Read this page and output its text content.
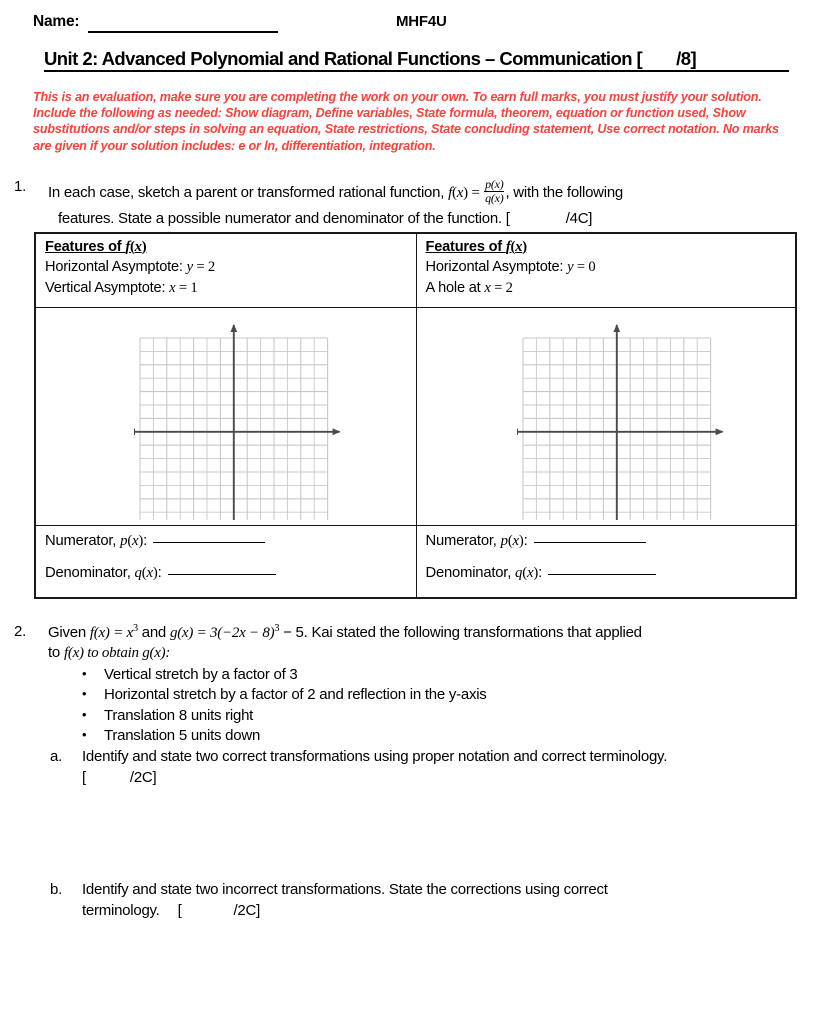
Name:	MHF4U
Unit 2: Advanced Polynomial and Rational Functions – Communication [ /8]
This is an evaluation, make sure you are completing the work on your own. To earn full marks, you must justify your solution. Include the following as needed: Show diagram, Define variables, State formula, theorem, equation or function used, Show substitutions and/or steps in solving an equation, State restrictions, State concluding statement, Use correct notation. No marks are given if your solution includes: e or ln, differentiation, integration.
1. In each case, sketch a parent or transformed rational function, $f(x) = \frac{p(x)}{q(x)}$ , with the following
features. State a possible numerator and denominator of the function. [	/4C]
Features of f(x)
Horizontal Asymptote: y = 2
Vertical Asymptote: x = 1
Features of f(x)
Horizontal Asymptote: y = 0
A hole at x = 2
Numerator, p(x):
Denominator, q(x):
Numerator, p(x):
Denominator, q(x):
2. Given $f(x) = x^3$ and $g(x) = 3(-2x - 8)^3 - 5$. Kai stated the following transformations that applied
to f(x) to obtain g(x):
• Vertical stretch by a factor of 3
• Horizontal stretch by a factor of 2 and reflection in the y-axis
• Translation 8 units right
• Translation 5 units down
a. Identify and state two correct transformations using proper notation and correct terminology.
[	/2C]
b. Identify and state two incorrect transformations. State the corrections using correct
terminology. [	/2C]
